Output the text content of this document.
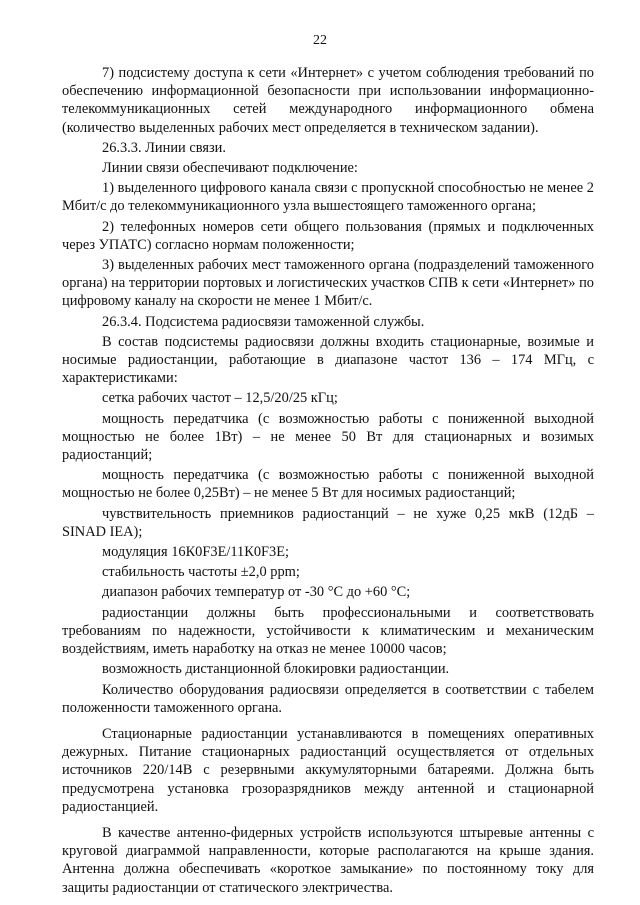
22

7) подсистему доступа к сети «Интернет» с учетом соблюдения требований по обеспечению информационной безопасности при использовании информационно-телекоммуникационных сетей международного информационного обмена (количество выделенных рабочих мест определяется в техническом задании).

26.3.3. Линии связи.

Линии связи обеспечивают подключение:

1) выделенного цифрового канала связи с пропускной способностью не менее 2 Мбит/с до телекоммуникационного узла вышестоящего таможенного органа;

2) телефонных номеров сети общего пользования (прямых и подключенных через УПАТС) согласно нормам положенности;

3) выделенных рабочих мест таможенного органа (подразделений таможенного органа) на территории портовых и логистических участков СПВ к сети «Интернет» по цифровому каналу на скорости не менее 1 Мбит/с.

26.3.4. Подсистема радиосвязи таможенной службы.

В состав подсистемы радиосвязи должны входить стационарные, возимые и носимые радиостанции, работающие в диапазоне частот 136 – 174 МГц, с характеристиками:

сетка рабочих частот – 12,5/20/25 кГц;

мощность передатчика (с возможностью работы с пониженной выходной мощностью не более 1Вт) – не менее 50 Вт для стационарных и возимых радиостанций;

мощность передатчика (с возможностью работы с пониженной выходной мощностью не более 0,25Вт) – не менее 5 Вт для носимых радиостанций;

чувствительность приемников радиостанций – не хуже 0,25 мкВ (12дБ – SINAD IEA);

модуляция 16К0F3E/11К0F3E;

стабильность частоты ±2,0 ppm;

диапазон рабочих температур от -30 °С до +60 °С;

радиостанции должны быть профессиональными и соответствовать требованиям по надежности, устойчивости к климатическим и механическим воздействиям, иметь наработку на отказ не менее 10000 часов;

возможность дистанционной блокировки радиостанции.

Количество оборудования радиосвязи определяется в соответствии с табелем положенности таможенного органа.

Стационарные радиостанции устанавливаются в помещениях оперативных дежурных. Питание стационарных радиостанций осуществляется от отдельных источников 220/14В с резервными аккумуляторными батареями. Должна быть предусмотрена установка грозоразрядников между антенной и стационарной радиостанцией.

В качестве антенно-фидерных устройств используются штыревые антенны с круговой диаграммой направленности, которые располагаются на крыше здания. Антенна должна обеспечивать «короткое замыкание» по постоянному току для защиты радиостанции от статического электричества.
